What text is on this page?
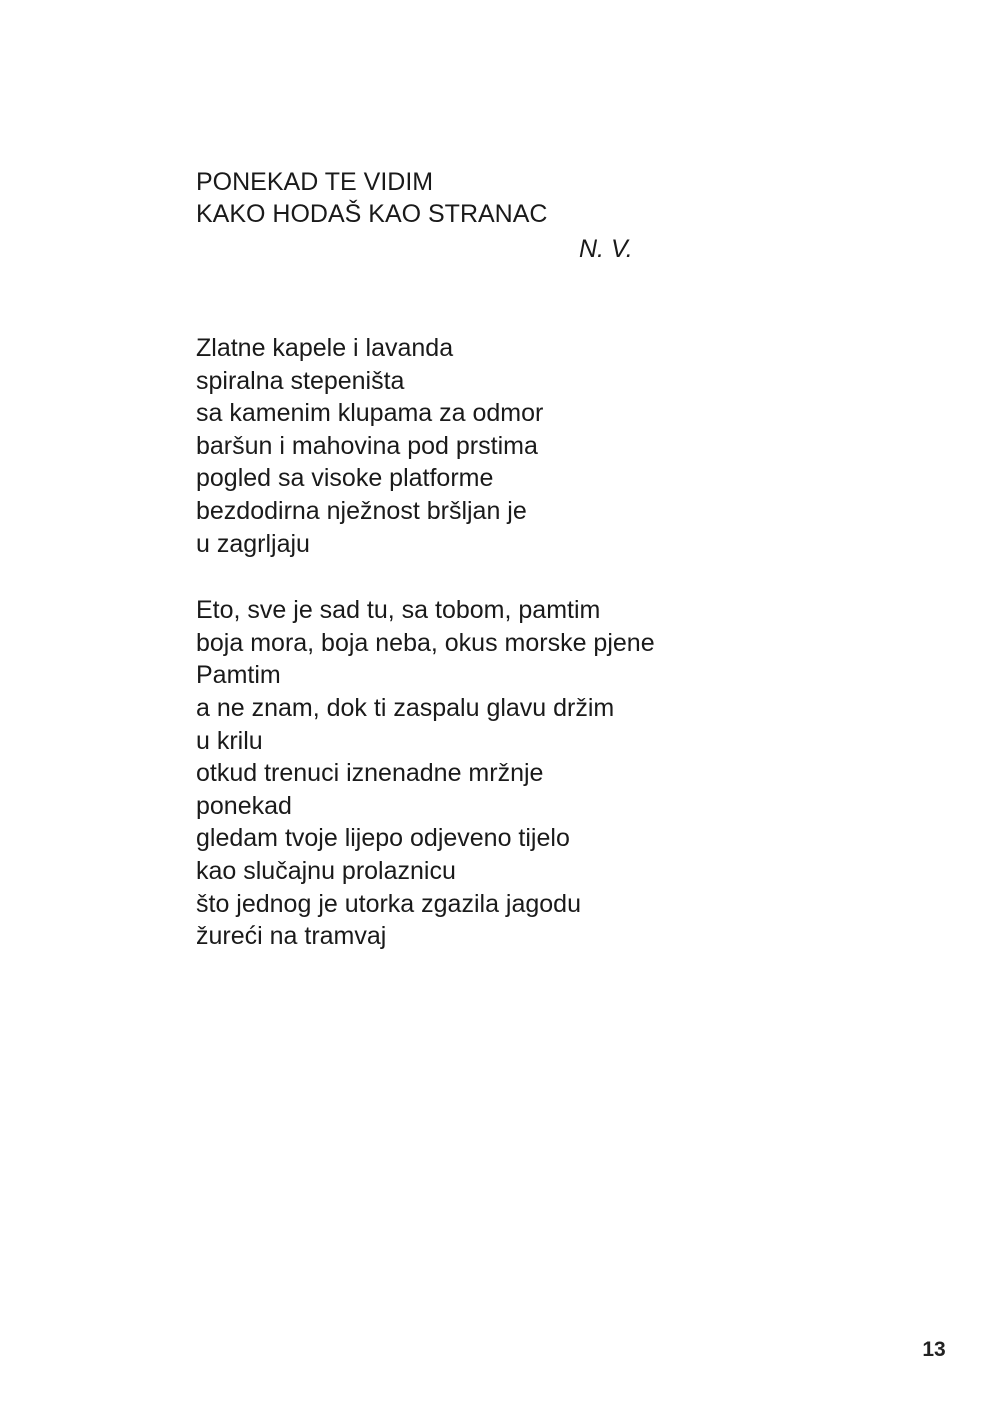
PONEKAD TE VIDIM

KAKO HODAŠ KAO STRANAC

N. V.

Zlatne kapele i lavanda

spiralna stepeništa

sa kamenim klupama za odmor

baršun i mahovina pod prstima

pogled sa visoke platforme

bezdodirna nježnost bršljan je

u zagrljaju

Eto, sve je sad tu, sa tobom, pamtim

boja mora, boja neba, okus morske pjene

Pamtim

a ne znam, dok ti zaspalu glavu držim

u krilu

otkud trenuci iznenadne mržnje

ponekad

gledam tvoje lijepo odjeveno tijelo

kao slučajnu prolaznicu

što jednog je utorka zgazila jagodu

žureći na tramvaj

13
